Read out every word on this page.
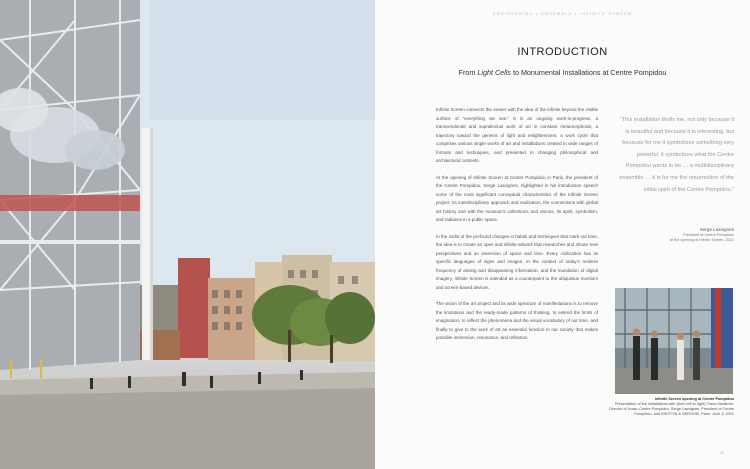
ENGINEERING • ENSEMBLE • INFINITE SCREEN
INTRODUCTION
From Light Cells to Monumental Installations at Centre Pompidou

Infinite Screen connects the viewer with the idea of the infinite beyond the visible surface of “everything we see.” It is an ongoing work-in-progress, a transcendental and supraliminal work of art in constant metamorphosis, a trajectory toward the genesis of light and enlightenment, a work cycle that comprises various single works of art and installations created in wide ranges of formats and techniques, and presented in changing philosophical and architectural contexts.

At the opening of Infinite Screen at Centre Pompidou in Paris, the president of the Centre Pompidou, Serge Lasvignes, highlighted in his introduction speech some of the most significant conceptual characteristics of the Infinite Screen project: its interdisciplinary approach and realization, the connections with global art history and with the museum’s collections and visions, its spirit, symbolism, and radiance in a public space.

In the midst of the profound changes in habits and techniques that mark our time, the idea is to create an open and infinite artwork that researches and shows new perspectives and an extension of space and time. Every civilization has its specific languages of signs and images. In the context of today’s restless frequency of arising and disappearing information, and the inundation of digital imagery, Infinite Screen is intended as a counterpoint to the ubiquitous monitors and screen-based devices.

The vision of the art project and its wide spectrum of manifestations is to remove the limitations and the ready-made patterns of thinking, to extend the limits of imagination, to reflect the phenomena and the visual vocabulary of our time, and finally to give to the work of art an essential function in our society that makes possible immersion, resonance, and reflection.

“This installation thrills me, not only because it is beautiful and because it is interesting, but because for me it symbolizes something very powerful, it symbolizes what the Centre Pompidou wants to be … a multidisciplinary ensemble … it is for me the resurrection of the initial spirit of the Centre Pompidou.”
Serge Lasvignes
President of Centre Pompidou
at the opening of Infinite Screen, 2021
Infinite Screen opening at Centre Pompidou
Presentation of the installations with (from left to right) Frank Madlener, Director of Ircam–Centre Pompidou, Serge Lasvignes, President of Centre Pompidou, and KRISTYN & SERGHEI, Paris, June 3, 2021
11
